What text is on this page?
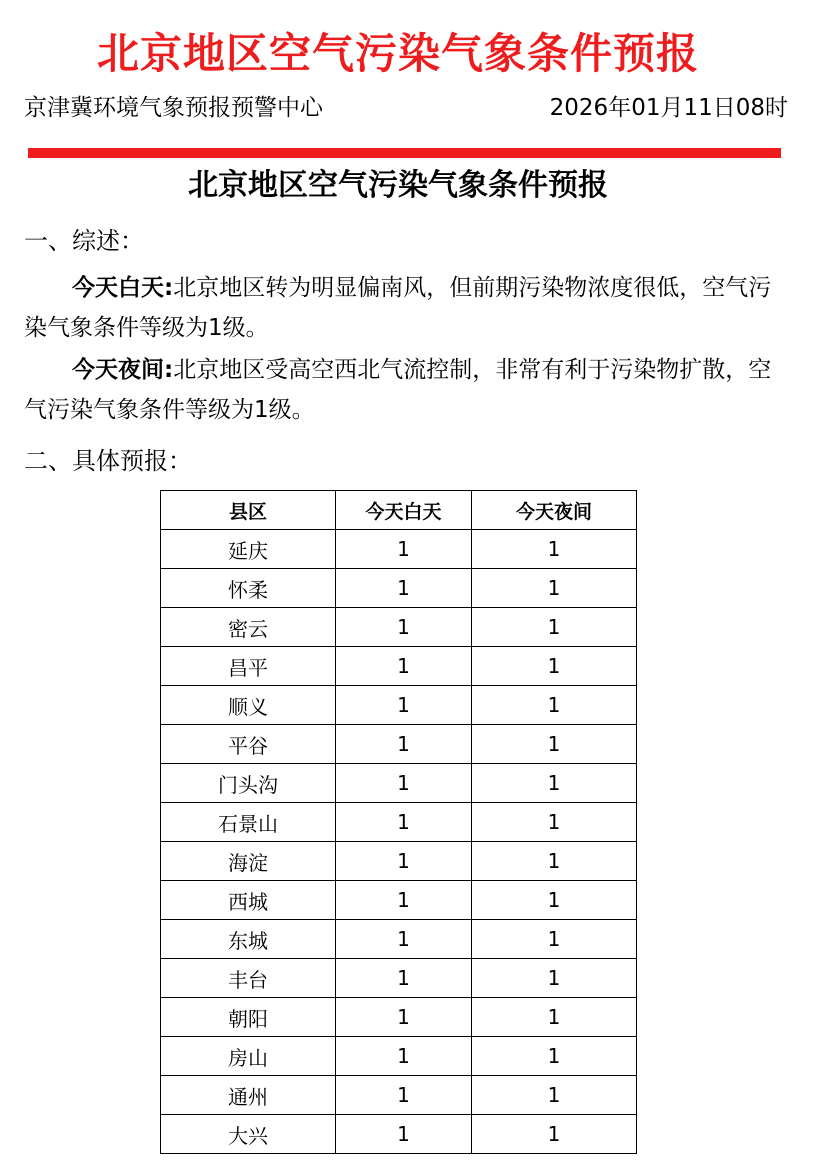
北京地区空气污染气象条件预报
京津冀环境气象预报预警中心	2026年01月11日08时
北京地区空气污染气象条件预报
一、综述：
今天白天:北京地区转为明显偏南风，但前期污染物浓度很低，空气污染气象条件等级为1级。
今天夜间:北京地区受高空西北气流控制，非常有利于污染物扩散，空气污染气象条件等级为1级。
二、具体预报：
县区	今天白天	今天夜间
延庆	1	1
怀柔	1	1
密云	1	1
昌平	1	1
顺义	1	1
平谷	1	1
门头沟	1	1
石景山	1	1
海淀	1	1
西城	1	1
东城	1	1
丰台	1	1
朝阳	1	1
房山	1	1
通州	1	1
大兴	1	1
